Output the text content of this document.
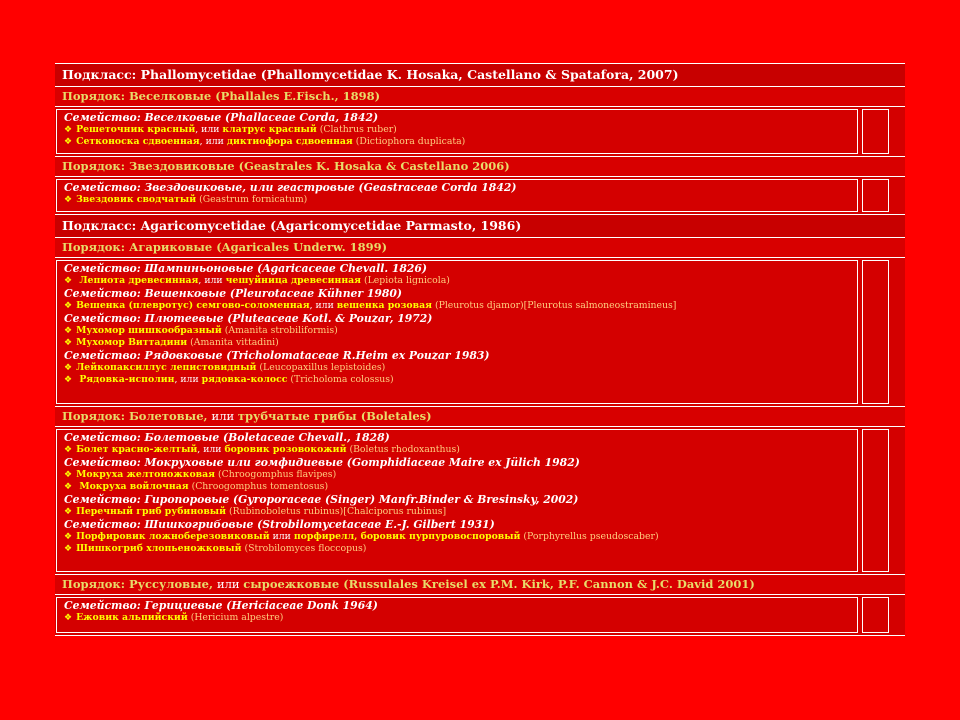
Подкласс: Phallomycetidae (Phallomycetidae K. Hosaka, Castellano & Spatafora, 2007)
Порядок: Веселковые (Phallales E.Fisch., 1898)
Семейство: Веселковые (Phallaceae Corda, 1842)
❖ Решеточник красный, или клатрус красный (Clathrus ruber)
❖ Сетконоска сдвоенная, или диктиофора сдвоенная (Dictiophora duplicata)
Порядок: Звездовиковые (Geastrales K. Hosaka & Castellano 2006)
Семейство: Звездовиковые, или геастровые (Geastraceae Corda 1842)
❖ Звездовик сводчатый (Geastrum fornicatum)
Подкласс: Agaricomycetidae (Agaricomycetidae Parmasto, 1986)
Порядок: Агариковые (Agaricales Underw. 1899)
Семейство: Шампиньоновые (Agaricaceae Chevall. 1826)
❖ Лепиота древесинная, или чешуйница древесинная (Lepiota lignicola)
Семейство: Вешенковые (Pleurotaceae Kühner 1980)
❖ Вешенка (плевротус) семгово-соломенная, или вешенка розовая (Pleurotus djamor)[Pleurotus salmoneostramineus]
Семейство: Плютеевые (Pluteaceae Kotl. & Pouzar, 1972)
❖ Мухомор шишкообразный (Amanita strobiliformis)
❖ Мухомор Виттадини (Amanita vittadini)
Семейство: Рядовковые (Tricholomataceae R.Heim ex Pouzar 1983)
❖ Лейкопаксиллус лепистовидный (Leucopaxillus lepistoides)
❖ Рядовка-исполин, или рядовка-колосс (Tricholoma colossus)
Порядок: Болетовые, или трубчатые грибы (Boletales)
Семейство: Болетовые (Boletaceae Chevall., 1828)
❖ Болет красно-желтый, или боровик розовокожий (Boletus rhodoxanthus)
Семейство: Мокруховые или гомфидиевые (Gomphidiaceae Maire ex Jülich 1982)
❖ Мокруха желтоножковая (Chroogomphus flavipes)
❖ Мокруха войлочная (Chroogomphus tomentosus)
Семейство: Гиропоровые (Gyroporaceae (Singer) Manfr.Binder & Bresinsky, 2002)
❖ Перечный гриб рубиновый (Rubinoboletus rubinus)[Chalciporus rubinus]
Семейство: Шишкогрибовые (Strobilomycetaceae E.-J. Gilbert 1931)
❖ Порфировик ложноберезовиковый или порфирелл, боровик пурпуровоспоровый (Porphyrellus pseudoscaber)
❖ Шишкогриб хлопьеножковый (Strobilomyces floccopus)
Порядок: Руссуловые, или сыроежковые (Russulales Kreisel ex P.M. Kirk, P.F. Cannon & J.C. David 2001)
Семейство: Герициевые (Hericiaceae Donk 1964)
❖ Ежовик альпийский (Hericium alpestre)
